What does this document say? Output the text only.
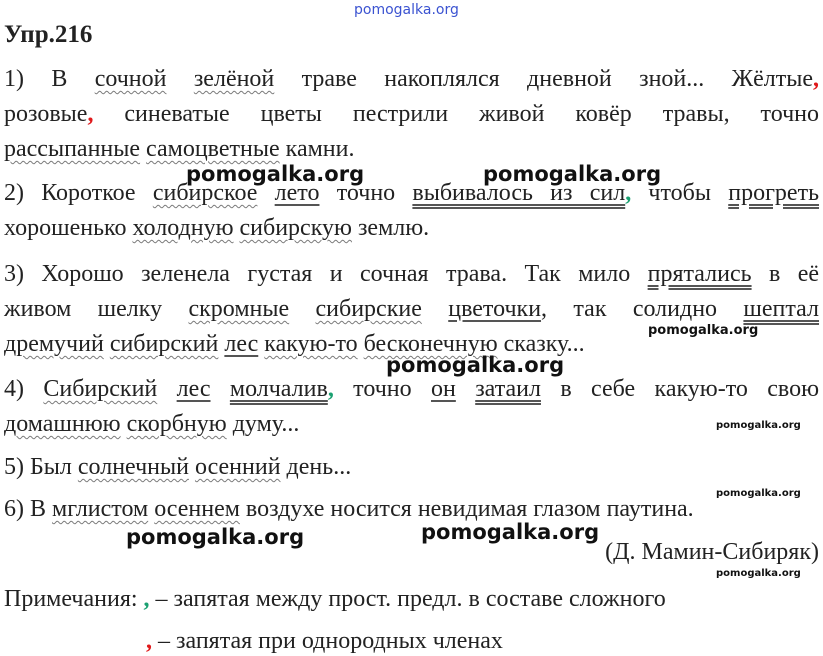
pomogalka.org
Упр.216
1) В сочной зелёной траве накоплялся дневной зной... Жёлтые,
розовые, синеватые цветы пестрили живой ковёр травы, точно
рассыпанные самоцветные камни.
2) Короткое сибирское лето точно выбивалось из сил, чтобы прогреть
хорошенько холодную сибирскую землю.
3) Хорошо зеленела густая и сочная трава. Так мило прятались в её
живом шелку скромные сибирские цветочки, так солидно шептал
дремучий сибирский лес какую-то бесконечную сказку...
4) Сибирский лес молчалив, точно он затаил в себе какую-то свою
домашнюю скорбную думу...
5) Был солнечный осенний день...
6) В мглистом осеннем воздухе носится невидимая глазом паутина.
(Д. Мамин-Сибиряк)
Примечания: , – запятая между прост. предл. в составе сложного
, – запятая при однородных членах
pomogalka.org	pomogalka.org
pomogalka.org
pomogalka.org
pomogalka.org
pomogalka.org
pomogalka.org
pomogalka.org
pomogalka.org
